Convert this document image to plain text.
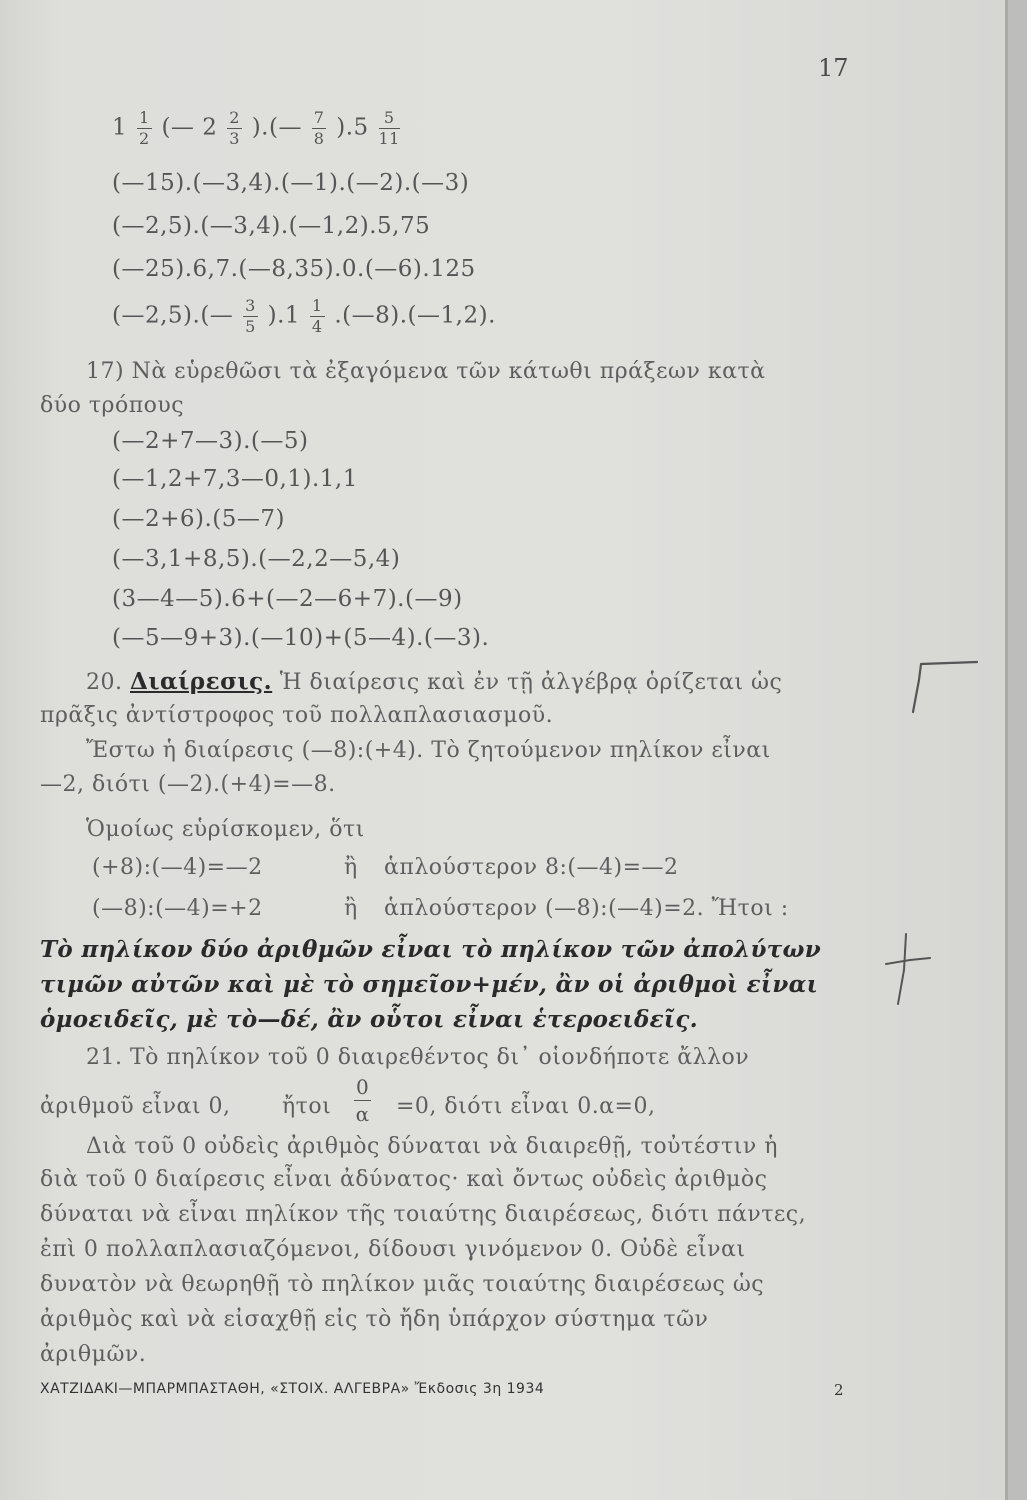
17
$1 \frac{1}{2}$ (— $2 \frac{2}{3}$ ).(— $\frac{7}{8} ).5 \frac{5}{11}$
(—15).(—3,4).(—1).(—2).(—3)
(—2,5).(—3,4).(—1,2).5,75
(—25).6,7.(—8,35).0.(—6).125
(—2,5).(— $\frac{3}{5} ).1 \frac{1}{4}$ .(—8).(—1,2).
17) Νὰ εὑρεθῶσι τὰ ἐξαγόμενα τῶν κάτωθι πράξεων κατὰ
δύο τρόπους
(—2+7—3).(—5)
(—1,2+7,3—0,1).1,1
(—2+6).(5—7)
(—3,1+8,5).(—2,2—5,4)
(3—4—5).6+(—2—6+7).(—9)
(—5—9+3).(—10)+(5—4).(—3).
20. Διαίρεσις. Ἡ διαίρεσις καὶ ἐν τῇ ἀλγέβρᾳ ὁρίζεται ὡς
πρᾶξις ἀντίστροφος τοῦ πολλαπλασιασμοῦ.
Ἔστω ἡ διαίρεσις (—8):(+4). Τὸ ζητούμενον πηλίκον εἶναι
—2, διότι (—2).(+4)=—8.
Ὁμοίως εὑρίσκομεν, ὅτι
(+8):(—4)=—2	ἢ ἁπλούστερον 8:(—4)=—2
(—8):(—4)=+2	ἢ ἁπλούστερον (—8):(—4)=2. Ἤτοι :
Τὸ πηλίκον δύο ἀριθμῶν εἶναι τὸ πηλίκον τῶν ἀπολύτων
τιμῶν αὐτῶν καὶ μὲ τὸ σημεῖον+μέν, ἂν οἱ ἀριθμοὶ εἶναι
ὁμοειδεῖς, μὲ τὸ—δέ, ἂν οὗτοι εἶναι ἑτεροειδεῖς.
21. Τὸ πηλίκον τοῦ 0 διαιρεθέντος δι᾽ οἱονδήποτε ἄλλον
ἀριθμοῦ εἶναι 0, ἤτοι $\frac{0}{\alpha} =0$, διότι εἶναι 0.α=0,
Διὰ τοῦ 0 οὐδεὶς ἀριθμὸς δύναται νὰ διαιρεθῇ, τοὐτέστιν ἡ
διὰ τοῦ 0 διαίρεσις εἶναι ἀδύνατος· καὶ ὄντως οὐδεὶς ἀριθμὸς
δύναται νὰ εἶναι πηλίκον τῆς τοιαύτης διαιρέσεως, διότι πάντες,
ἐπὶ 0 πολλαπλασιαζόμενοι, δίδουσι γινόμενον 0. Οὐδὲ εἶναι
δυνατὸν νὰ θεωρηθῇ τὸ πηλίκον μιᾶς τοιαύτης διαιρέσεως ὡς
ἀριθμὸς καὶ νὰ εἰσαχθῇ εἰς τὸ ἤδη ὑπάρχον σύστημα τῶν
ἀριθμῶν.
ΧΑΤΖΙΔΑΚΙ—ΜΠΑΡΜΠΑΣΤΑΘΗ, «ΣΤΟΙΧ. ΑΛΓΕΒΡΑ» Ἔκδοσις 3η 1934	2
